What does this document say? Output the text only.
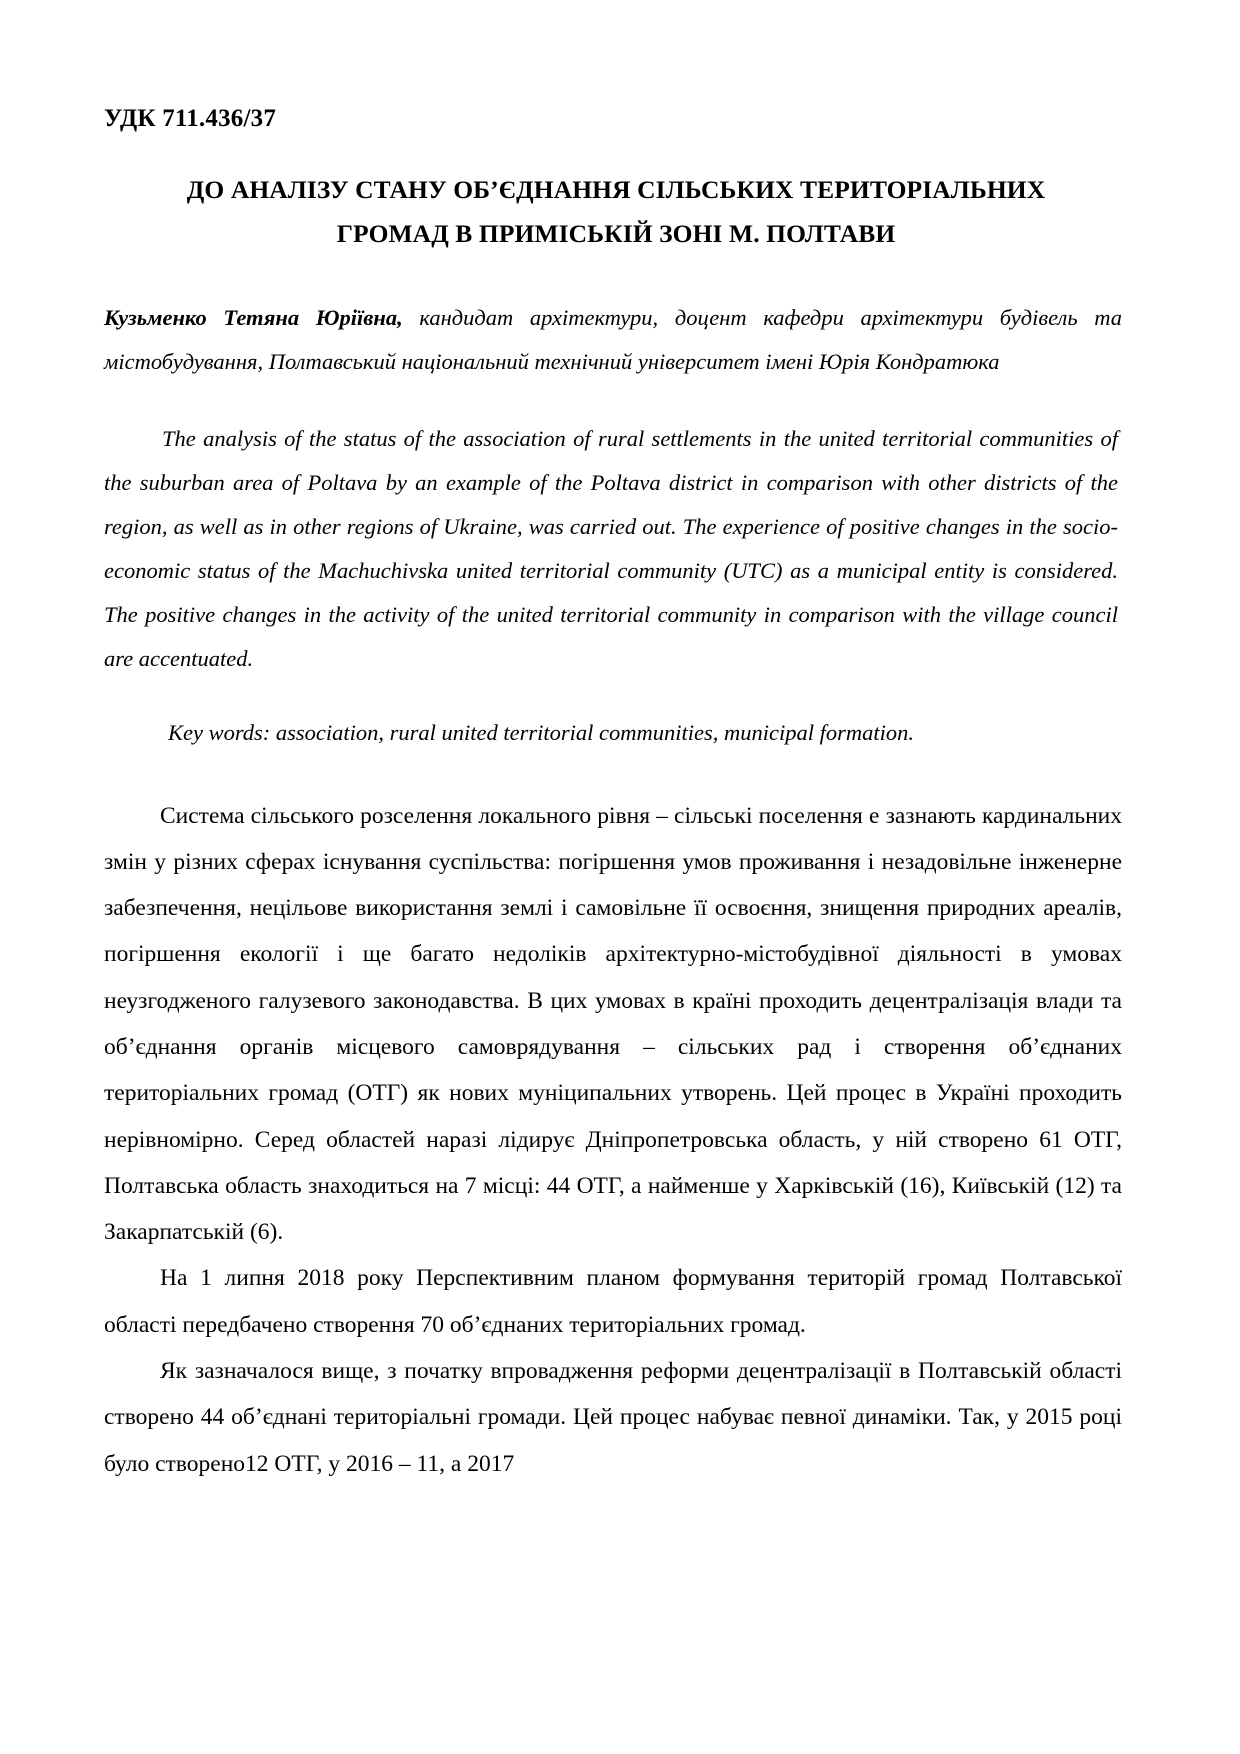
УДК 711.436/37
ДО АНАЛІЗУ СТАНУ ОБ’ЄДНАННЯ СІЛЬСЬКИХ ТЕРИТОРІАЛЬНИХ
ГРОМАД В ПРИМІСЬКІЙ ЗОНІ М. ПОЛТАВИ

Кузьменко Тетяна Юріївна, кандидат архітектури, доцент кафедри архітектури будівель та містобудування, Полтавський національний технічний університет імені Юрія Кондратюка

The analysis of the status of the association of rural settlements in the united territorial communities of the suburban area of Poltava by an example of the Poltava district in comparison with other districts of the region, as well as in other regions of Ukraine, was carried out. The experience of positive changes in the socio-economic status of the Machuchivska united territorial community (UTC) as a municipal entity is considered. The positive changes in the activity of the united territorial community in comparison with the village council are accentuated.

Key words: association, rural united territorial communities, municipal formation.

Система сільського розселення локального рівня – сільські поселення е зазнають кардинальних змін у різних сферах існування суспільства: погіршення умов проживання і незадовільне інженерне забезпечення, нецільове використання землі і самовільне її освоєння, знищення природних ареалів, погіршення екології і ще багато недоліків архітектурно-містобудівної діяльності в умовах неузгодженого галузевого законодавства. В цих умовах в країні проходить децентралізація влади та об’єднання органів місцевого самоврядування – сільських рад і створення об’єднаних територіальних громад (ОТГ) як нових муніципальних утворень. Цей процес в Україні проходить нерівномірно. Серед областей наразі лідирує Дніпропетровська область, у ній створено 61 ОТГ, Полтавська область знаходиться на 7 місці: 44 ОТГ, а найменше у Харківській (16), Київській (12) та Закарпатській (6).

На 1 липня 2018 року Перспективним планом формування територій громад Полтавської області передбачено створення 70 об’єднаних територіальних громад.

Як зазначалося вище, з початку впровадження реформи децентралізації в Полтавській області створено 44 об’єднані територіальні громади. Цей процес набуває певної динаміки. Так, у 2015 році було створено12 ОТГ, у 2016 – 11, а 2017
